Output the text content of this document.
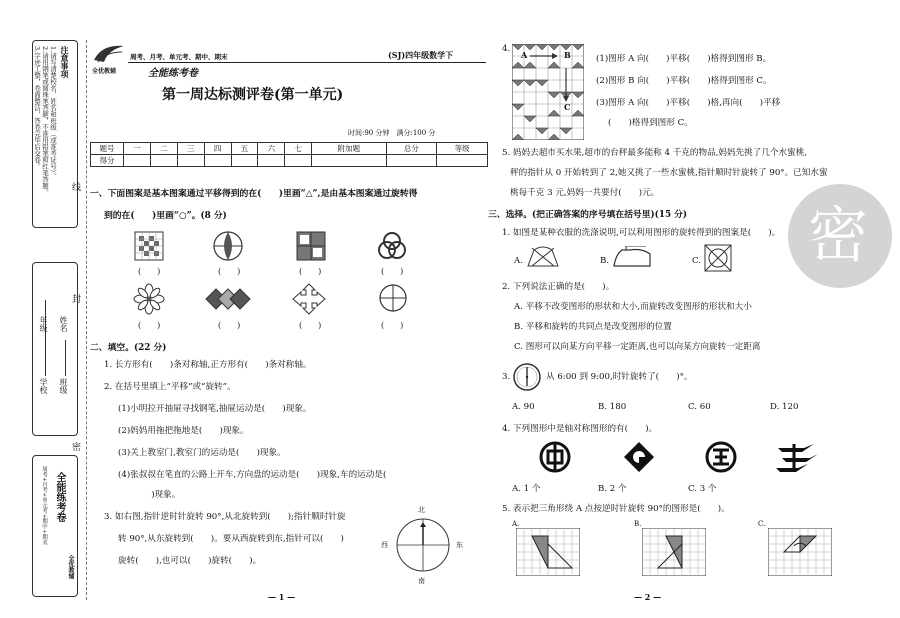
注意事项
1.请写清楚校名、姓名和班级（或准考证号）。
2.请用钢笔或圆珠笔答题，不准用铅笔和红笔答题。
3.字迹工整，卷面整洁，答卷完毕后交卷。
学校 班级
年级 姓名
全能练考卷
周考+月考+单元考+期中+期末
全优教辅
线
封
密
全优教辅
周考、月考、单元考、期中、期末
全能练考卷
(SJ)四年级数学下
第一周达标测评卷(第一单元)
时间:90 分钟　满分:100 分
题号	一	二	三	四	五	六	七	附加题	总分	等级
得分										
一、下面图案是基本图案通过平移得到的在(　　)里画“△”,是由基本图案通过旋转得
到的在(　　)里画“○”。(8 分)
(　　)	(　　)	(　　)	(　　)
(　　)	(　　)	(　　)	(　　)
二、填空。(22 分)
1. 长方形有(　　)条对称轴,正方形有(　　)条对称轴。
2. 在括号里填上“平移”或“旋转”。
(1)小明拉开抽屉寻找钢笔,抽屉运动是(　　)现象。
(2)妈妈用拖把拖地是(　　)现象。
(3)关上教室门,教室门的运动是(　　)现象。
(4)张叔叔在笔直的公路上开车,方向盘的运动是(　　)现象,车的运动是(
　　)现象。
3. 如右图,指针逆时针旋转 90°,从北旋转到(　　);指针顺时针旋
转 90°,从东旋转到(　　)。要从西旋转到东,指针可以(　　)
旋转(　　),也可以(　　)旋转(　　)。
北
东
南
西
— 1 —
4.
A	B
C
(1)图形 A 向(　　)平移(　　)格得到图形 B。
(2)图形 B 向(　　)平移(　　)格得到图形 C。
(3)图形 A 向(　　)平移(　　)格,再向(　　)平移
(　　)格得到图形 C。
5. 妈妈去超市买水果,超市的台秤最多能称 4 千克的物品,妈妈先挑了几个水蜜桃,
秤的指针从 0 开始转到了 2,她又挑了一些水蜜桃,指针顺时针旋转了 90°。已知水蜜
桃每千克 3 元,妈妈一共要付(　　)元。
三、选择。(把正确答案的序号填在括号里)(15 分)
1. 如图是某种衣服的洗涤说明,可以利用图形的旋转得到的图案是(　　)。
A.	B.	C.
2. 下列说法正确的是(　　)。
A. 平移不改变图形的形状和大小,而旋转改变图形的形状和大小
B. 平移和旋转的共同点是改变图形的位置
C. 图形可以向某方向平移一定距离,也可以向某方向旋转一定距离
3.	从 6:00 到 9:00,时针旋转了(　　)°。
A. 90	B. 180	C. 60	D. 120
4. 下列图形中是轴对称图形的有(　　)。
A. 1 个	B. 2 个	C. 3 个
5. 表示把三角形绕 A 点按逆时针旋转 90°的图形是(　　)。
A.	B.	C.
密
— 2 —
